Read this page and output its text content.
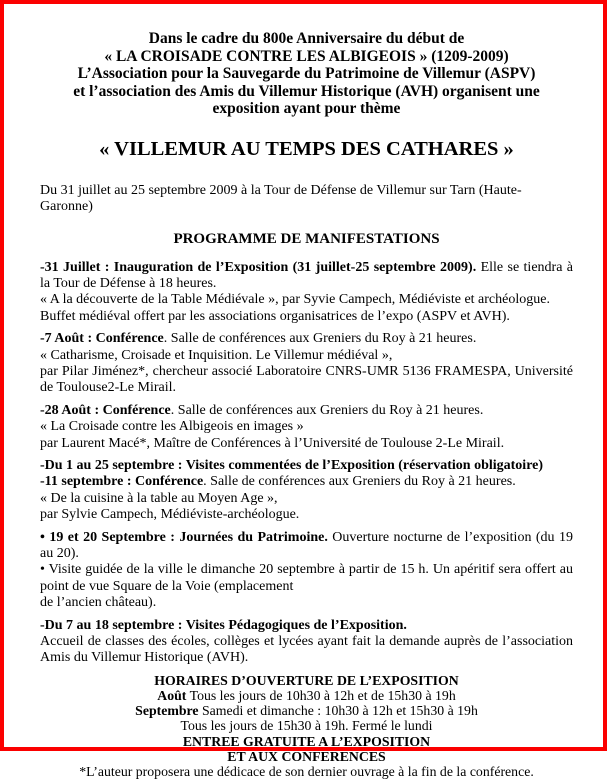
Dans le cadre du 800e Anniversaire du début de
« LA CROISADE CONTRE LES ALBIGEOIS » (1209-2009)
L’Association pour la Sauvegarde du Patrimoine de Villemur (ASPV)
et l’association des Amis du Villemur Historique (AVH) organisent une
exposition ayant pour thème
« VILLEMUR AU TEMPS DES CATHARES »
Du 31 juillet au 25 septembre 2009 à la Tour de Défense de Villemur sur Tarn (Haute-Garonne)
PROGRAMME DE MANIFESTATIONS

-31 Juillet : Inauguration de l’Exposition (31 juillet-25 septembre 2009). Elle se tiendra à la Tour de Défense à 18 heures.

« A la découverte de la Table Médiévale », par Syvie Campech, Médiéviste et archéologue.

Buffet médiéval offert par les associations organisatrices de l’expo (ASPV et AVH).

-7 Août : Conférence. Salle de conférences aux Greniers du Roy à 21 heures.

« Catharisme, Croisade et Inquisition. Le Villemur médiéval »,

par Pilar Jiménez*, chercheur associé Laboratoire CNRS-UMR 5136 FRAMESPA, Université de Toulouse2-Le Mirail.

-28 Août : Conférence. Salle de conférences aux Greniers du Roy à 21 heures.

« La Croisade contre les Albigeois en images »

par Laurent Macé*, Maître de Conférences à l’Université de Toulouse 2-Le Mirail.

-Du 1 au 25 septembre : Visites commentées de l’Exposition (réservation obligatoire)

-11 septembre : Conférence. Salle de conférences aux Greniers du Roy à 21 heures.

« De la cuisine à la table au Moyen Age »,

par Sylvie Campech, Médiéviste-archéologue.

• 19 et 20 Septembre : Journées du Patrimoine. Ouverture nocturne de l’exposition (du 19 au 20).

• Visite guidée de la ville le dimanche 20 septembre à partir de 15 h. Un apéritif sera offert au point de vue Square de la Voie (emplacement

de l’ancien château).

-Du 7 au 18 septembre : Visites Pédagogiques de l’Exposition.

Accueil de classes des écoles, collèges et lycées ayant fait la demande auprès de l’association Amis du Villemur Historique (AVH).

HORAIRES D’OUVERTURE DE L’EXPOSITION

Août Tous les jours de 10h30 à 12h et de 15h30 à 19h

Septembre Samedi et dimanche : 10h30 à 12h et 15h30 à 19h

Tous les jours de 15h30 à 19h. Fermé le lundi

ENTREE GRATUITE A L’EXPOSITION

ET AUX CONFERENCES

*L’auteur proposera une dédicace de son dernier ouvrage à la fin de la conférence.
